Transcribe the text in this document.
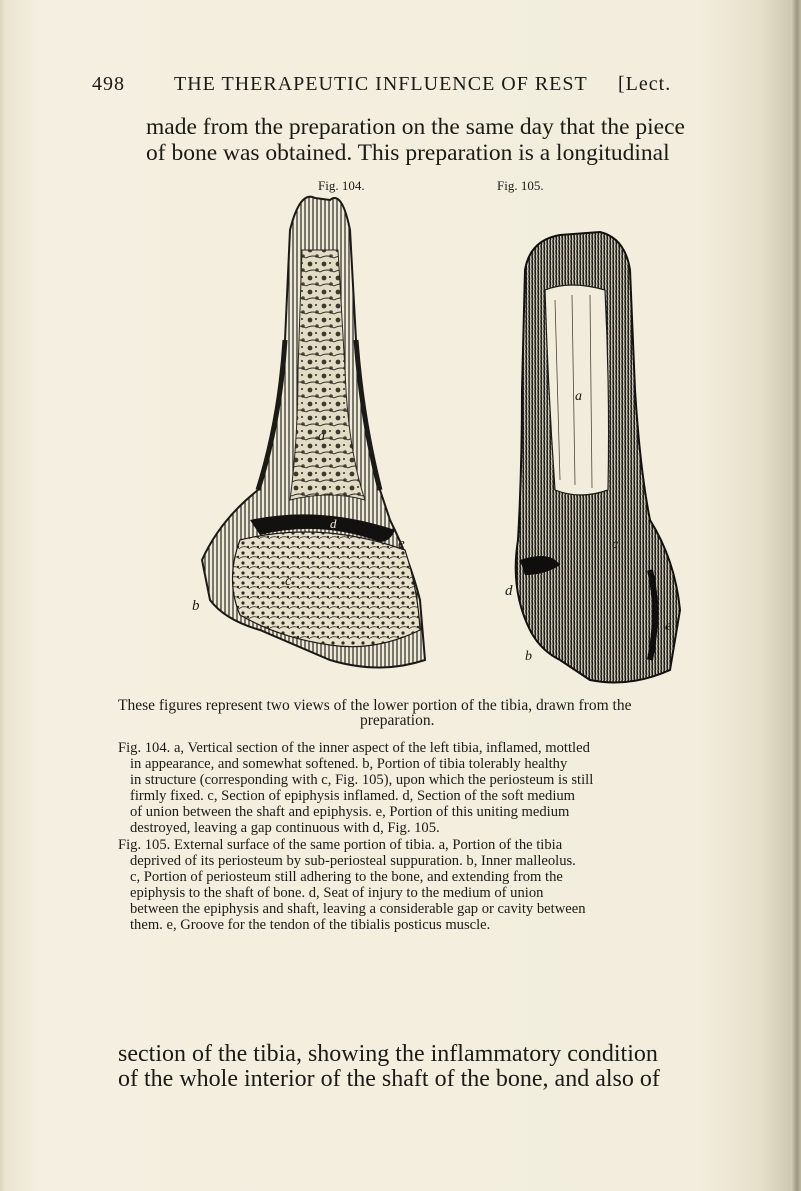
498 THE THERAPEUTIC INFLUENCE OF REST [Lect.
made from the preparation on the same day that the piece
of bone was obtained. This preparation is a longitudinal
Fig. 104.	Fig. 105.
b
a
e
c
d
c
d
a
b
e
These figures represent two views of the lower portion of the tibia, drawn from the
preparation.
Fig. 104. a, Vertical section of the inner aspect of the left tibia, inflamed, mottled
in appearance, and somewhat softened. b, Portion of tibia tolerably healthy
in structure (corresponding with c, Fig. 105), upon which the periosteum is still
firmly fixed. c, Section of epiphysis inflamed. d, Section of the soft medium
of union between the shaft and epiphysis. e, Portion of this uniting medium
destroyed, leaving a gap continuous with d, Fig. 105.
Fig. 105. External surface of the same portion of tibia. a, Portion of the tibia
deprived of its periosteum by sub-periosteal suppuration. b, Inner malleolus.
c, Portion of periosteum still adhering to the bone, and extending from the
epiphysis to the shaft of bone. d, Seat of injury to the medium of union
between the epiphysis and shaft, leaving a considerable gap or cavity between
them. e, Groove for the tendon of the tibialis posticus muscle.
section of the tibia, showing the inflammatory condition
of the whole interior of the shaft of the bone, and also of
